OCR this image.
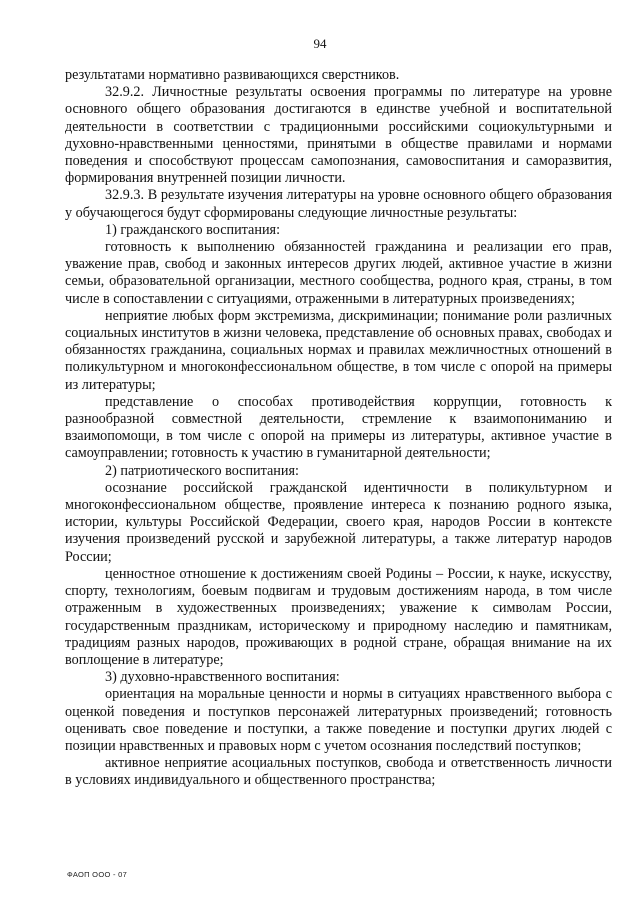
94

результатами нормативно развивающихся сверстников.

32.9.2. Личностные результаты освоения программы по литературе на уровне основного общего образования достигаются в единстве учебной и воспитательной деятельности в соответствии с традиционными российскими социокультурными и духовно-нравственными ценностями, принятыми в обществе правилами и нормами поведения и способствуют процессам самопознания, самовоспитания и саморазвития, формирования внутренней позиции личности.

32.9.3. В результате изучения литературы на уровне основного общего образования у обучающегося будут сформированы следующие личностные результаты:

1) гражданского воспитания:

готовность к выполнению обязанностей гражданина и реализации его прав, уважение прав, свобод и законных интересов других людей, активное участие в жизни семьи, образовательной организации, местного сообщества, родного края, страны, в том числе в сопоставлении с ситуациями, отраженными в литературных произведениях;

неприятие любых форм экстремизма, дискриминации; понимание роли различных социальных институтов в жизни человека, представление об основных правах, свободах и обязанностях гражданина, социальных нормах и правилах межличностных отношений в поликультурном и многоконфессиональном обществе, в том числе с опорой на примеры из литературы;

представление о способах противодействия коррупции, готовность к разнообразной совместной деятельности, стремление к взаимопониманию и взаимопомощи, в том числе с опорой на примеры из литературы, активное участие в самоуправлении; готовность к участию в гуманитарной деятельности;

2) патриотического воспитания:

осознание российской гражданской идентичности в поликультурном и многоконфессиональном обществе, проявление интереса к познанию родного языка, истории, культуры Российской Федерации, своего края, народов России в контексте изучения произведений русской и зарубежной литературы, а также литератур народов России;

ценностное отношение к достижениям своей Родины – России, к науке, искусству, спорту, технологиям, боевым подвигам и трудовым достижениям народа, в том числе отраженным в художественных произведениях; уважение к символам России, государственным праздникам, историческому и природному наследию и памятникам, традициям разных народов, проживающих в родной стране, обращая внимание на их воплощение в литературе;

3) духовно-нравственного воспитания:

ориентация на моральные ценности и нормы в ситуациях нравственного выбора с оценкой поведения и поступков персонажей литературных произведений; готовность оценивать свое поведение и поступки, а также поведение и поступки других людей с позиции нравственных и правовых норм с учетом осознания последствий поступков;

активное неприятие асоциальных поступков, свобода и ответственность личности в условиях индивидуального и общественного пространства;

ФАОП ООО - 07
